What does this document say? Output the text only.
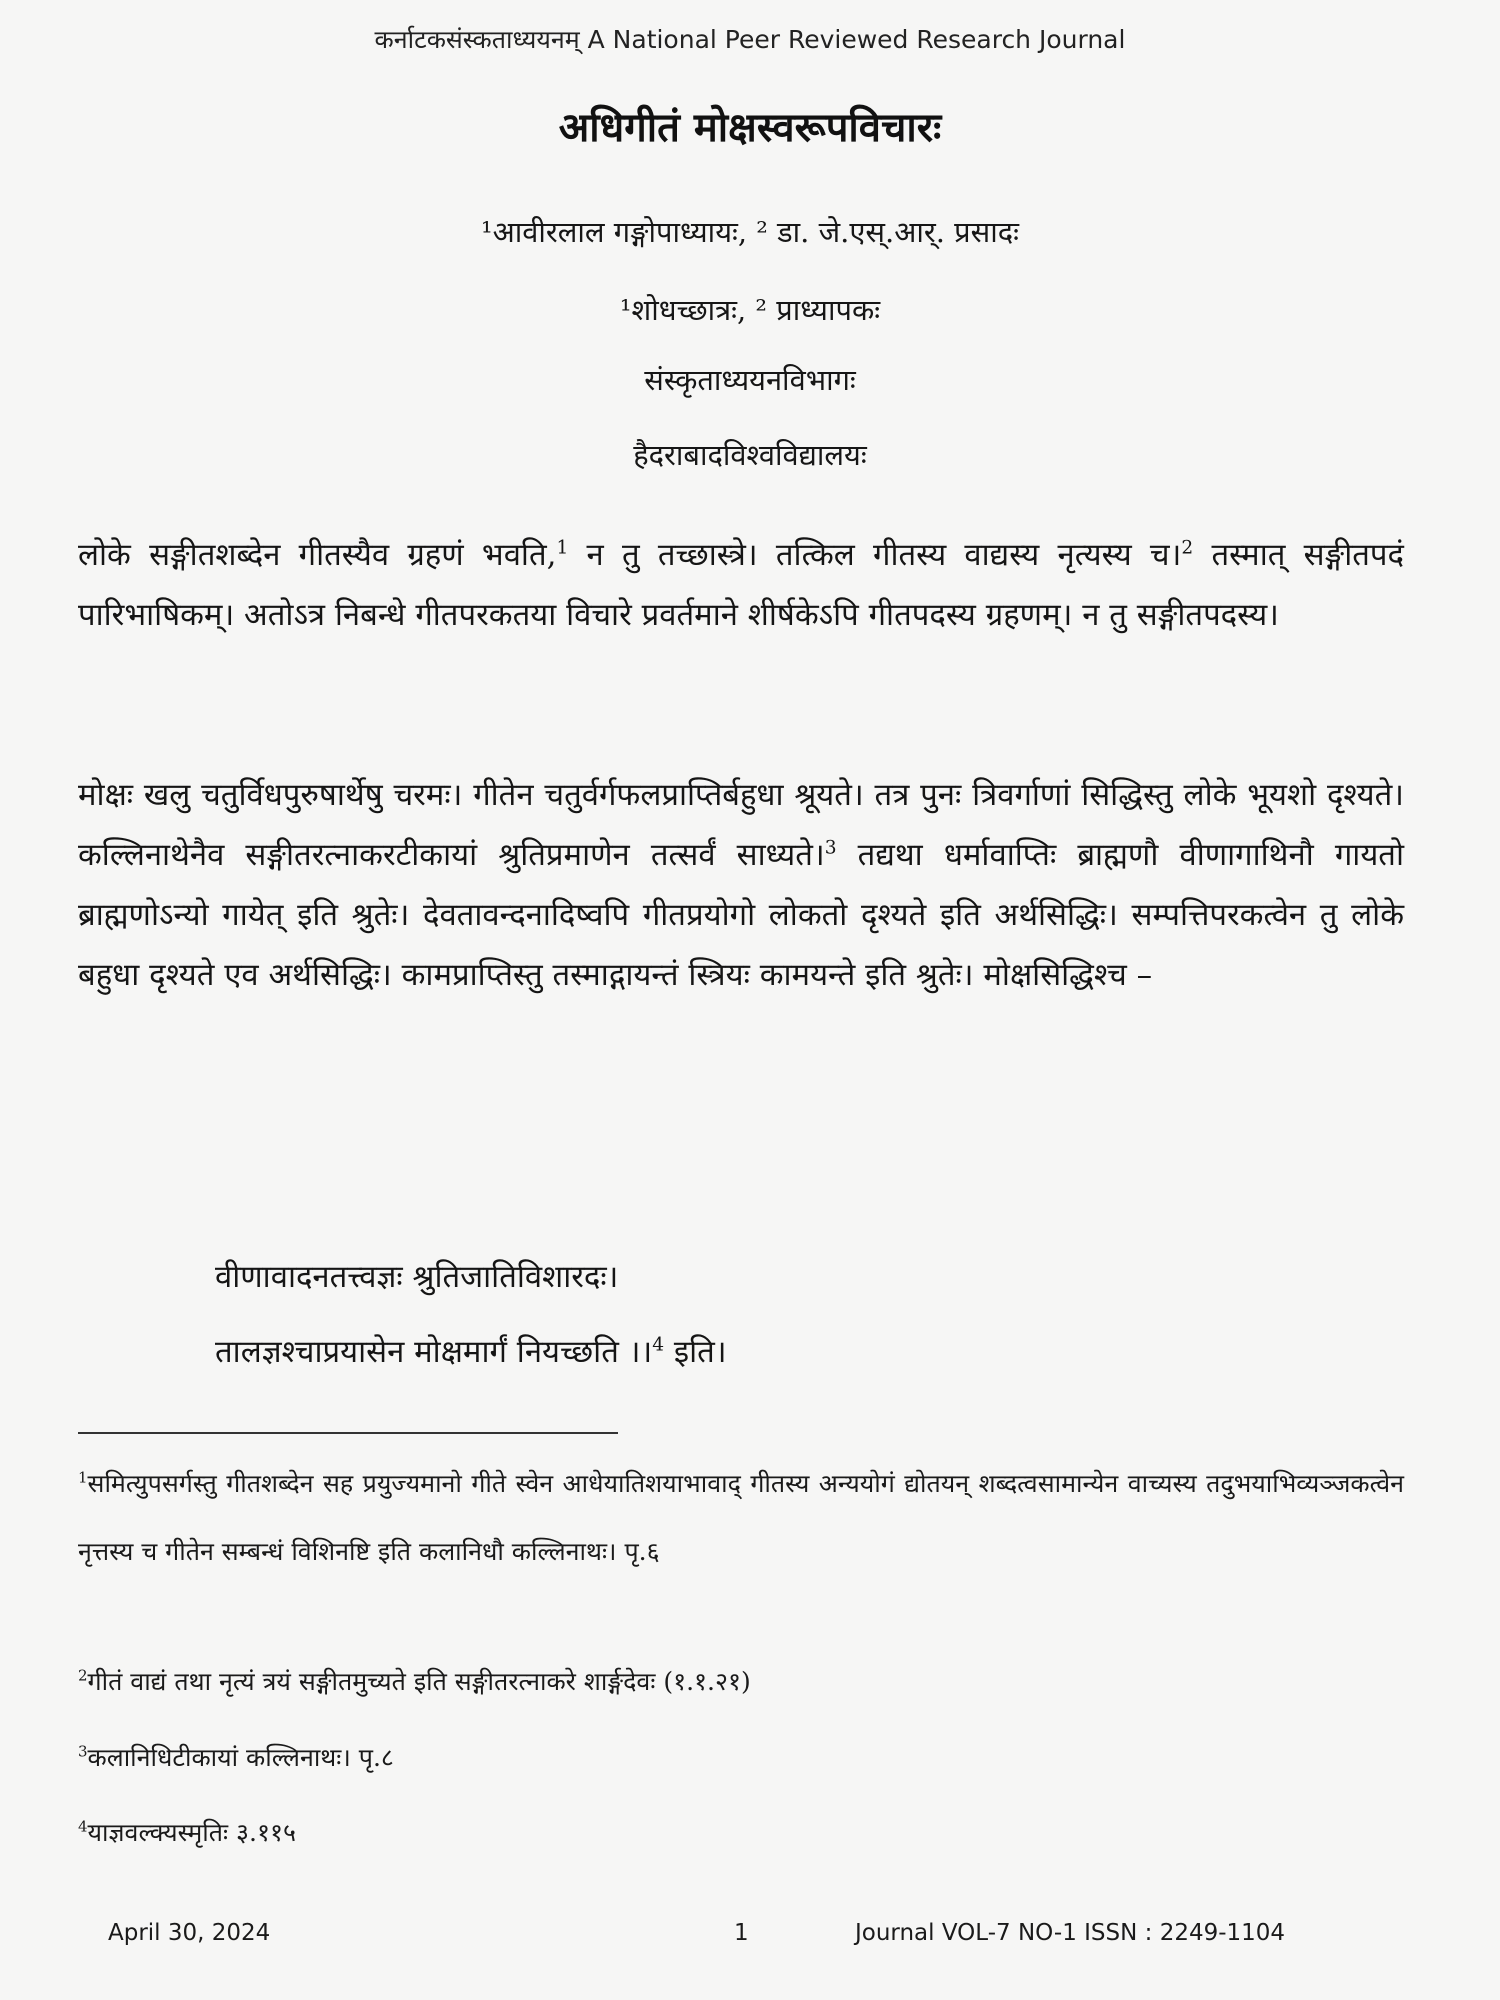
कर्नाटकसंस्कताध्ययनम् A National Peer Reviewed Research Journal
अधिगीतं मोक्षस्वरूपविचारः
¹आवीरलाल गङ्गोपाध्यायः, ² डा. जे.एस्.आर्. प्रसादः
¹शोधच्छात्रः, ² प्राध्यापकः
संस्कृताध्ययनविभागः
हैदराबादविश्वविद्यालयः
लोके सङ्गीतशब्देन गीतस्यैव ग्रहणं भवति,$^1$ न तु तच्छास्त्रे। तत्किल गीतस्य वाद्यस्य नृत्यस्य च।$^2$ तस्मात् सङ्गीतपदं पारिभाषिकम्। अतोऽत्र निबन्धे गीतपरकतया विचारे प्रवर्तमाने शीर्षकेऽपि गीतपदस्य ग्रहणम्। न तु सङ्गीतपदस्य।
मोक्षः खलु चतुर्विधपुरुषार्थेषु चरमः। गीतेन चतुर्वर्गफलप्राप्तिर्बहुधा श्रूयते। तत्र पुनः त्रिवर्गाणां सिद्धिस्तु लोके भूयशो दृश्यते। कल्लिनाथेनैव सङ्गीतरत्नाकरटीकायां श्रुतिप्रमाणेन तत्सर्वं साध्यते।$^3$ तद्यथा धर्मावाप्तिः ब्राह्मणौ वीणागाथिनौ गायतो ब्राह्मणोऽन्यो गायेत् इति श्रुतेः। देवतावन्दनादिष्वपि गीतप्रयोगो लोकतो दृश्यते इति अर्थसिद्धिः। सम्पत्तिपरकत्वेन तु लोके बहुधा दृश्यते एव अर्थसिद्धिः। कामप्राप्तिस्तु तस्माद्गायन्तं स्त्रियः कामयन्ते इति श्रुतेः। मोक्षसिद्धिश्च –
वीणावादनतत्त्वज्ञः श्रुतिजातिविशारदः।
तालज्ञश्चाप्रयासेन मोक्षमार्गं नियच्छति ।।$^4$ इति।
$^1$समित्युपसर्गस्तु गीतशब्देन सह प्रयुज्यमानो गीते स्वेन आधेयातिशयाभावाद् गीतस्य अन्ययोगं द्योतयन् शब्दत्वसामान्येन वाच्यस्य तदुभयाभिव्यञ्जकत्वेन नृत्तस्य च गीतेन सम्बन्धं विशिनष्टि इति कलानिधौ कल्लिनाथः। पृ.६
$^2$गीतं वाद्यं तथा नृत्यं त्रयं सङ्गीतमुच्यते इति सङ्गीतरत्नाकरे शार्ङ्गदेवः (१.१.२१)
$^3$कलानिधिटीकायां कल्लिनाथः। पृ.८
$^4$याज्ञवल्क्यस्मृतिः ३.११५
April 30, 2024	1	Journal VOL-7 NO-1 ISSN : 2249-1104
